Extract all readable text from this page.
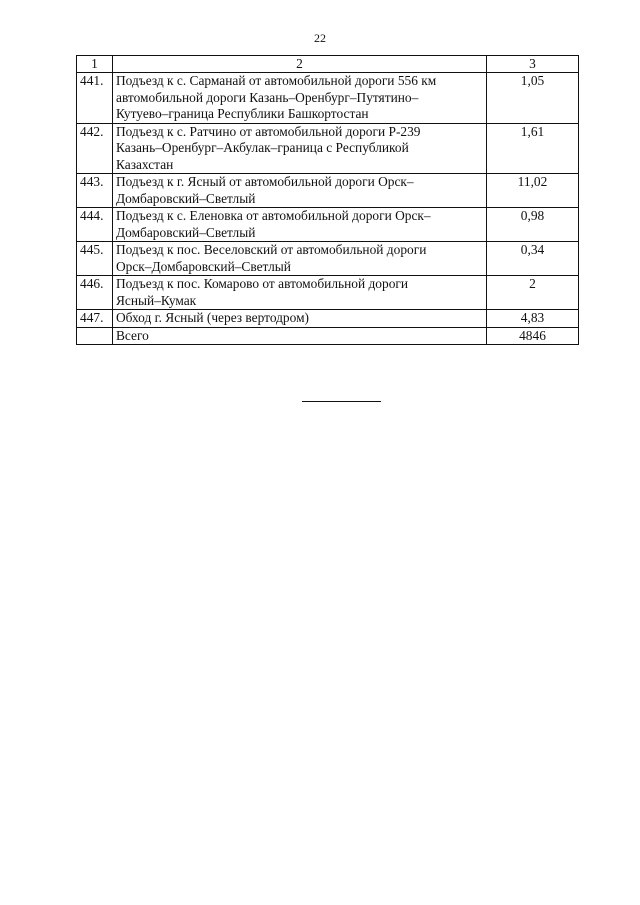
22
1	2	3
441.	Подъезд к с. Сарманай от автомобильной дороги 556 км
автомобильной дороги Казань–Оренбург–Путятино–
Кутуево–граница Республики Башкортостан	1,05
442.	Подъезд к с. Ратчино от автомобильной дороги Р-239
Казань–Оренбург–Акбулак–граница с Республикой
Казахстан	1,61
443.	Подъезд к г. Ясный от автомобильной дороги Орск–
Домбаровский–Светлый	11,02
444.	Подъезд к с. Еленовка от автомобильной дороги Орск–
Домбаровский–Светлый	0,98
445.	Подъезд к пос. Веселовский от автомобильной дороги
Орск–Домбаровский–Светлый	0,34
446.	Подъезд к пос. Комарово от автомобильной дороги
Ясный–Кумак	2
447.	Обход г. Ясный (через вертодром)	4,83
	Всего	4846
